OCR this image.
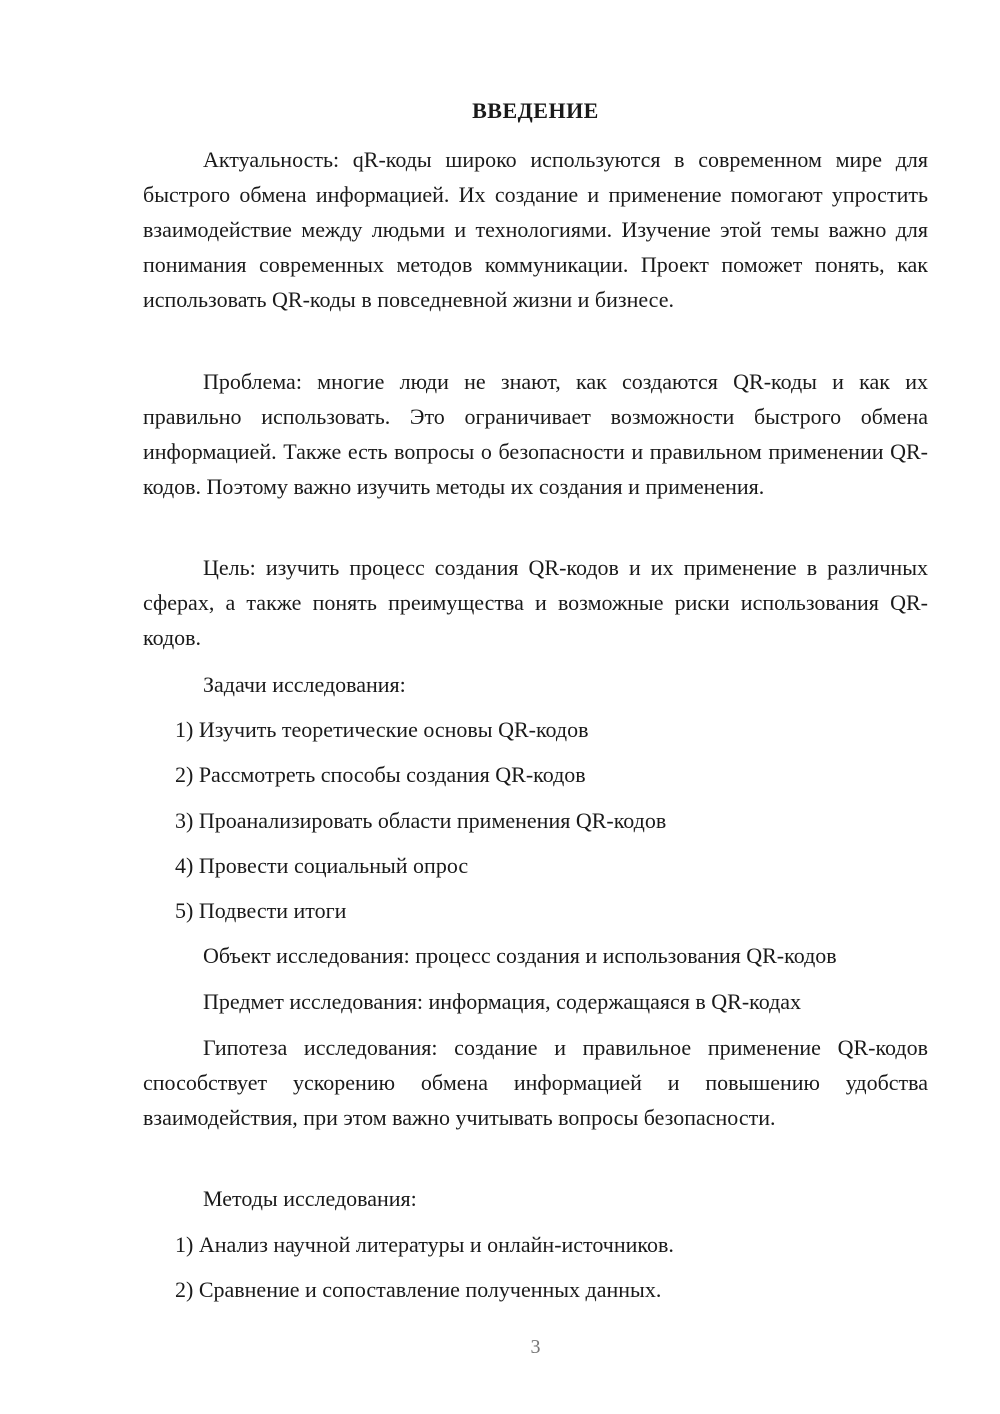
ВВЕДЕНИЕ

Актуальность: qR-коды широко используются в современном мире для быстрого обмена информацией. Их создание и применение помогают упростить взаимодействие между людьми и технологиями. Изучение этой темы важно для понимания современных методов коммуникации. Проект поможет понять, как использовать QR-коды в повседневной жизни и бизнесе.

Проблема: многие люди не знают, как создаются QR-коды и как их правильно использовать. Это ограничивает возможности быстрого обмена информацией. Также есть вопросы о безопасности и правильном применении QR-кодов. Поэтому важно изучить методы их создания и применения.

Цель: изучить процесс создания QR-кодов и их применение в различных сферах, а также понять преимущества и возможные риски использования QR-кодов.

Задачи исследования:
1) Изучить теоретические основы QR-кодов
2) Рассмотреть способы создания QR-кодов
3) Проанализировать области применения QR-кодов
4) Провести социальный опрос
5) Подвести итоги
Объект исследования: процесс создания и использования QR-кодов
Предмет исследования: информация, содержащаяся в QR-кодах

Гипотеза исследования: создание и правильное применение QR-кодов способствует ускорению обмена информацией и повышению удобства взаимодействия, при этом важно учитывать вопросы безопасности.

Методы исследования:
1) Анализ научной литературы и онлайн-источников.
2) Сравнение и сопоставление полученных данных.
3
